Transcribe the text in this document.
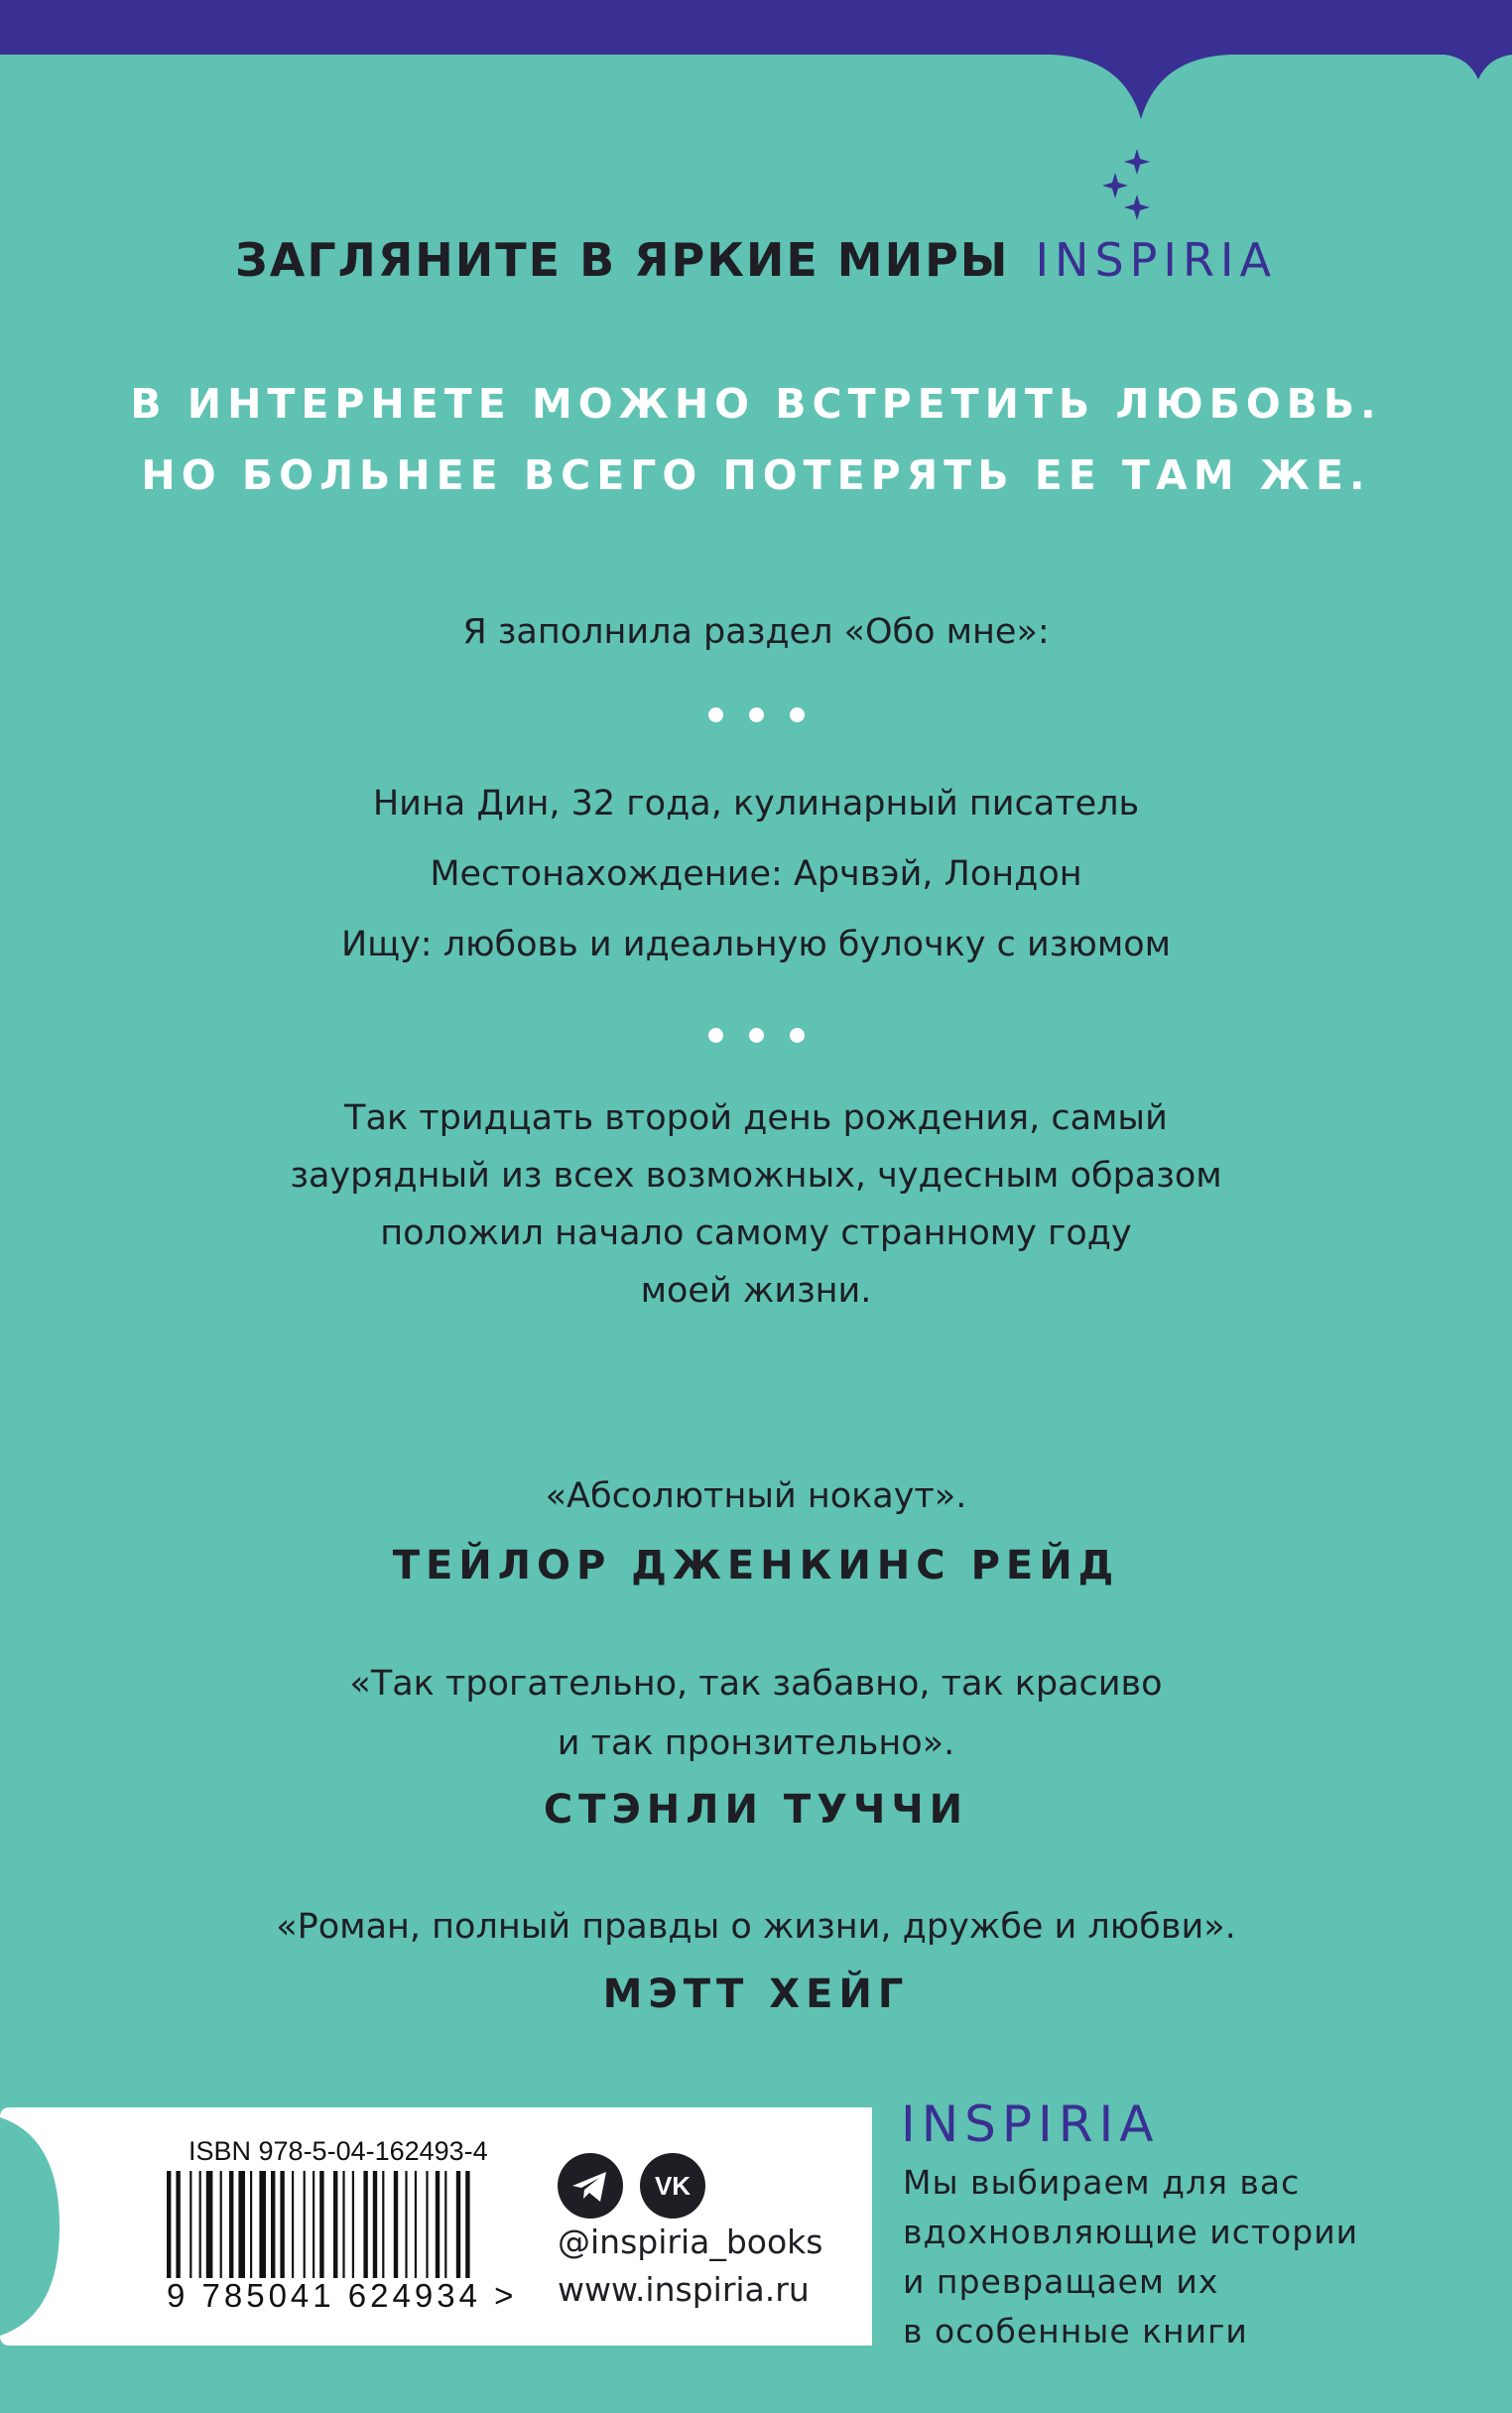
ЗАГЛЯНИТЕ В ЯРКИЕ МИРЫ INSPIRIA
В ИНТЕРНЕТЕ МОЖНО ВСТРЕТИТЬ ЛЮБОВЬ.
НО БОЛЬНЕЕ ВСЕГО ПОТЕРЯТЬ ЕЕ ТАМ ЖЕ.
Я заполнила раздел «Обо мне»:
Нина Дин, 32 года, кулинарный писатель
Местонахождение: Арчвэй, Лондон
Ищу: любовь и идеальную булочку с изюмом
Так тридцать второй день рождения, самый
заурядный из всех возможных, чудесным образом
положил начало самому странному году
моей жизни.
«Абсолютный нокаут».
ТЕЙЛОР ДЖЕНКИНС РЕЙД
«Так трогательно, так забавно, так красиво
и так пронзительно».
СТЭНЛИ ТУЧЧИ
«Роман, полный правды о жизни, дружбе и любви».
МЭТТ ХЕЙГ
ISBN 978-5-04-162493-4
9 785041 624934 >
VK
@inspiria_books
www.inspiria.ru
INSPIRIA
Мы выбираем для вас
вдохновляющие истории
и превращаем их
в особенные книги
